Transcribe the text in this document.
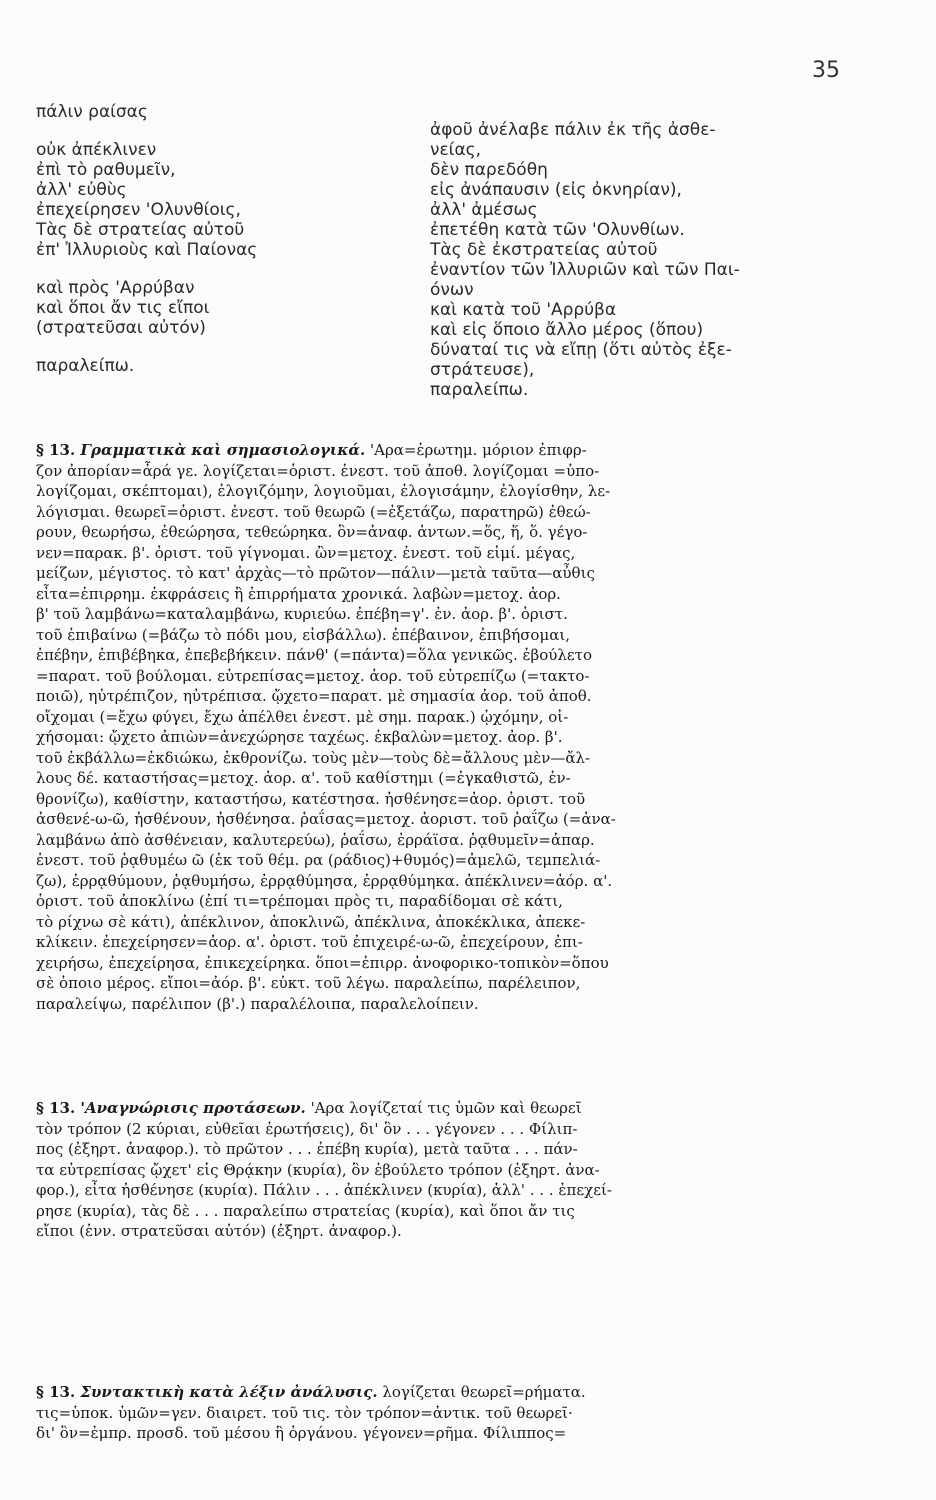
35
πάλιν ραίσας
οὐκ ἀπέκλινεν
ἐπὶ τὸ ραθυμεῖν,
ἀλλ' εὐθὺς
ἐπεχείρησεν 'Ολυνθίοις,
Τὰς δὲ στρατείας αὐτοῦ
ἐπ' Ἰλλυριοὺς καὶ Παίονας
καὶ πρὸς 'Αρρύβαν
καὶ ὅποι ἄν τις εἴποι
(στρατεῦσαι αὐτόν)
παραλείπω.
ἀφοῦ ἀνέλαβε πάλιν ἐκ τῆς ἀσθε-
νείας,
δὲν παρεδόθη
εἰς ἀνάπαυσιν (εἰς ὀκνηρίαν),
ἀλλ' ἀμέσως
ἐπετέθη κατὰ τῶν 'Ολυνθίων.
Τὰς δὲ ἐκστρατείας αὐτοῦ
ἐναντίον τῶν Ἰλλυριῶν καὶ τῶν Παι-
όνων
καὶ κατὰ τοῦ 'Αρρύβα
καὶ εἰς ὅποιο ἄλλο μέρος (ὅπου)
δύναταί τις νὰ εἴπῃ (ὅτι αὐτὸς ἐξε-
στράτευσε),
παραλείπω.
§ 13. Γραμματικὰ καὶ σημασιολογικά. 'Αρα=ἐρωτημ. μόριον ἐπιφρ-
ζον ἀπορίαν=ἆρά γε. λογίζεται=ὁριστ. ἐνεστ. τοῦ ἀποθ. λογίζομαι =ὑπο-
λογίζομαι, σκέπτομαι), ἐλογιζόμην, λογιοῦμαι, ἐλογισάμην, ἐλογίσθην, λε-
λόγισμαι. θεωρεῖ=ὁριστ. ἐνεστ. τοῦ θεωρῶ (=ἐξετάζω, παρατηρῶ) ἐθεώ-
ρουν, θεωρήσω, ἐθεώρησα, τεθεώρηκα. ὃν=ἀναφ. ἀντων.=ὅς, ἥ, ὅ. γέγο-
νεν=παρακ. β'. ὁριστ. τοῦ γίγνομαι. ὢν=μετοχ. ἐνεστ. τοῦ εἰμί. μέγας,
μείζων, μέγιστος. τὸ κατ' ἀρχὰς—τὸ πρῶτον—πάλιν—μετὰ ταῦτα—αὖθις
εἶτα=ἐπιρρημ. ἐκφράσεις ἢ ἐπιρρήματα χρονικά. λαβὼν=μετοχ. ἀορ.
β' τοῦ λαμβάνω=καταλαμβάνω, κυριεύω. ἐπέβη=γ'. ἐν. ἀορ. β'. ὁριστ.
τοῦ ἐπιβαίνω (=βάζω τὸ πόδι μου, εἰσβάλλω). ἐπέβαινον, ἐπιβήσομαι,
ἐπέβην, ἐπιβέβηκα, ἐπεβεβήκειν. πάνθ' (=πάντα)=ὅλα γενικῶς. ἐβούλετο
=παρατ. τοῦ βούλομαι. εὐτρεπίσας=μετοχ. ἀορ. τοῦ εὐτρεπίζω (=τακτο-
ποιῶ), ηὐτρέπιζον, ηὐτρέπισα. ᾤχετο=παρατ. μὲ σημασία ἀορ. τοῦ ἀποθ.
οἴχομαι (=ἔχω φύγει, ἔχω ἀπέλθει ἐνεστ. μὲ σημ. παρακ.) ᾠχόμην, οἰ-
χήσομαι: ᾤχετο ἀπιὼν=ἀνεχώρησε ταχέως. ἐκβαλὼν=μετοχ. ἀορ. β'.
τοῦ ἐκβάλλω=ἐκδιώκω, ἐκθρονίζω. τοὺς μὲν—τοὺς δὲ=ἄλλους μὲν—ἄλ-
λους δέ. καταστήσας=μετοχ. ἀορ. α'. τοῦ καθίστημι (=ἐγκαθιστῶ, ἐν-
θρονίζω), καθίστην, καταστήσω, κατέστησα. ἠσθένησε=ἀορ. ὁριστ. τοῦ
ἀσθενέ-ω-ῶ, ἠσθένουν, ἠσθένησα. ῥαΐσας=μετοχ. ἀοριστ. τοῦ ῥαΐζω (=ἀνα-
λαμβάνω ἀπὸ ἀσθένειαν, καλυτερεύω), ῥαΐσω, ἐρράϊσα. ῥᾳθυμεῖν=ἀπαρ.
ἐνεστ. τοῦ ῥᾳθυμέω ῶ (ἐκ τοῦ θέμ. ρα (ράδιος)+θυμός)=ἀμελῶ, τεμπελιά-
ζω), ἐρρᾳθύμουν, ῥᾳθυμήσω, ἐρρᾳθύμησα, ἐρρᾳθύμηκα. ἀπέκλινεν=ἀόρ. α'.
ὁριστ. τοῦ ἀποκλίνω (ἐπί τι=τρέπομαι πρὸς τι, παραδίδομαι σὲ κάτι,
τὸ ρίχνω σὲ κάτι), ἀπέκλινον, ἀποκλινῶ, ἀπέκλινα, ἀποκέκλικα, ἀπεκε-
κλίκειν. ἐπεχείρησεν=ἀορ. α'. ὁριστ. τοῦ ἐπιχειρέ-ω-ῶ, ἐπεχείρουν, ἐπι-
χειρήσω, ἐπεχείρησα, ἐπικεχείρηκα. ὅποι=ἐπιρρ. ἀνοφορικο-τοπικὸν=ὅπου
σὲ ὁποιο μέρος. εἴποι=ἀόρ. β'. εὐκτ. τοῦ λέγω. παραλείπω, παρέλειπον,
παραλείψω, παρέλιπον (β'.) παραλέλοιπα, παραλελοίπειν.
§ 13. 'Αναγνώρισις προτάσεων. 'Αρα λογίζεταί τις ὑμῶν καὶ θεωρεῖ
τὸν τρόπον (2 κύριαι, εὐθεῖαι ἐρωτήσεις), δι' ὃν . . . γέγονεν . . . Φίλιπ-
πος (ἐξηρτ. ἀναφορ.). τὸ πρῶτον . . . ἐπέβη κυρία), μετὰ ταῦτα . . . πάν-
τα εὐτρεπίσας ᾤχετ' εἰς Θρᾴκην (κυρία), ὃν ἐβούλετο τρόπον (ἐξηρτ. ἀνα-
φορ.), εἶτα ἠσθένησε (κυρία). Πάλιν . . . ἀπέκλινεν (κυρία), ἀλλ' . . . ἐπεχεί-
ρησε (κυρία), τὰς δὲ . . . παραλείπω στρατείας (κυρία), καὶ ὅποι ἄν τις
εἴποι (ἐνν. στρατεῦσαι αὐτόν) (ἐξηρτ. ἀναφορ.).
§ 13. Συντακτικὴ κατὰ λέξιν ἀνάλυσις. λογίζεται θεωρεῖ=ρήματα.
τις=ὑποκ. ὑμῶν=γεν. διαιρετ. τοῦ τις. τὸν τρόπον=ἀντικ. τοῦ θεωρεῖ·
δι' ὃν=ἐμπρ. προσδ. τοῦ μέσου ἢ ὀργάνου. γέγονεν=ρῆμα. Φίλιππος=
